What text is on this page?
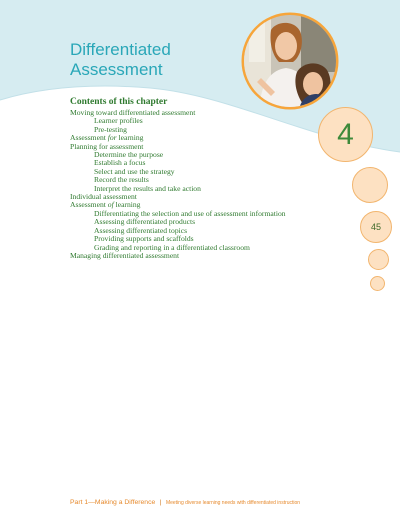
Differentiated
Assessment
4
45
Contents of this chapter
Moving toward differentiated assessment
Learner profiles
Pre-testing
Assessment for learning
Planning for assessment
Determine the purpose
Establish a focus
Select and use the strategy
Record the results
Interpret the results and take action
Individual assessment
Assessment of learning
Differentiating the selection and use of assessment information
Assessing differentiated products
Assessing differentiated topics
Providing supports and scaffolds
Grading and reporting in a differentiated classroom
Managing differentiated assessment
Part 1—Making a Difference | Meeting diverse learning needs with differentiated instruction
